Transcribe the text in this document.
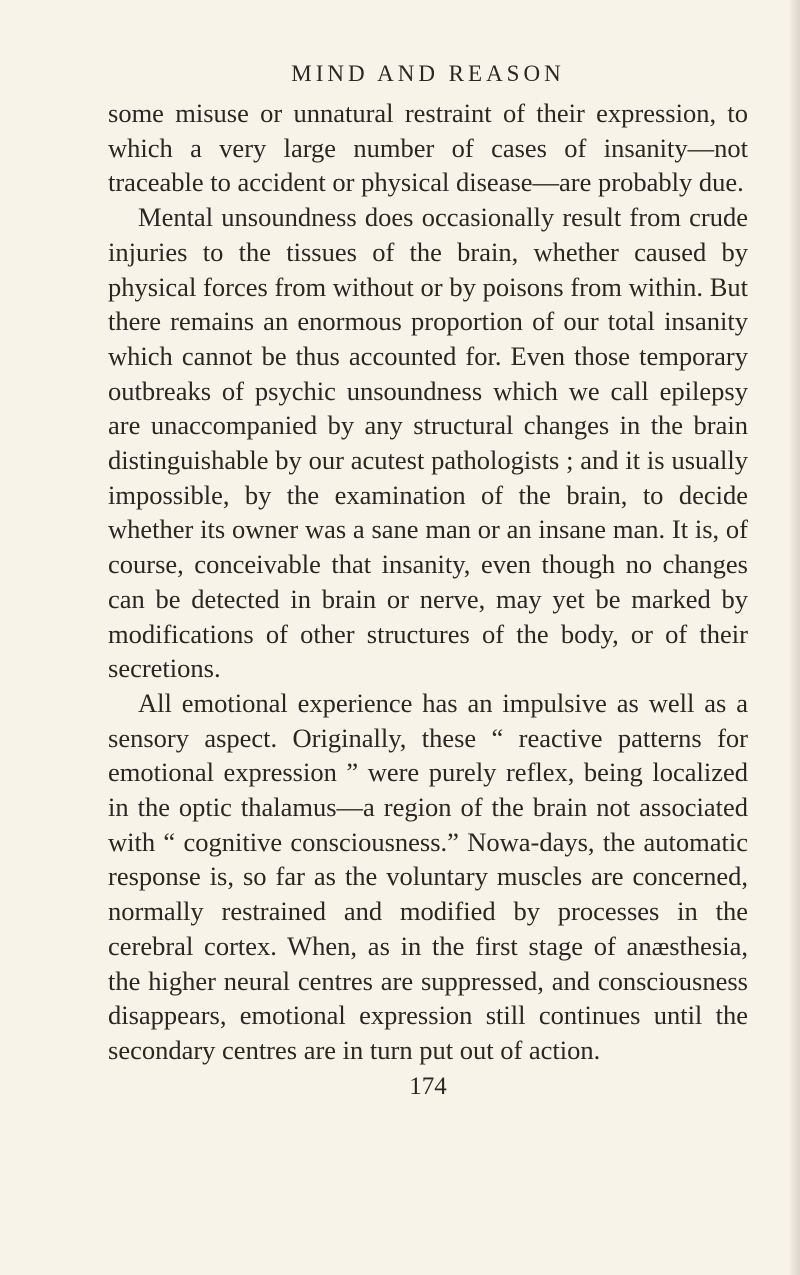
MIND AND REASON

some misuse or unnatural restraint of their expression, to which a very large number of cases of insanity—not traceable to accident or physical disease—are probably due.

Mental unsoundness does occasionally result from crude injuries to the tissues of the brain, whether caused by physical forces from without or by poisons from within. But there remains an enormous proportion of our total insanity which cannot be thus accounted for. Even those temporary outbreaks of psychic unsoundness which we call epilepsy are unaccompanied by any structural changes in the brain distinguishable by our acutest pathologists ; and it is usually impossible, by the examination of the brain, to decide whether its owner was a sane man or an insane man. It is, of course, conceivable that insanity, even though no changes can be detected in brain or nerve, may yet be marked by modifications of other structures of the body, or of their secretions.

All emotional experience has an impulsive as well as a sensory aspect. Originally, these “ reactive patterns for emotional expression ” were purely reflex, being localized in the optic thalamus—a region of the brain not associated with “ cognitive consciousness.” Nowa-days, the automatic response is, so far as the voluntary muscles are concerned, normally restrained and modified by processes in the cerebral cortex. When, as in the first stage of anæsthesia, the higher neural centres are suppressed, and consciousness disappears, emotional expression still continues until the secondary centres are in turn put out of action.

174
